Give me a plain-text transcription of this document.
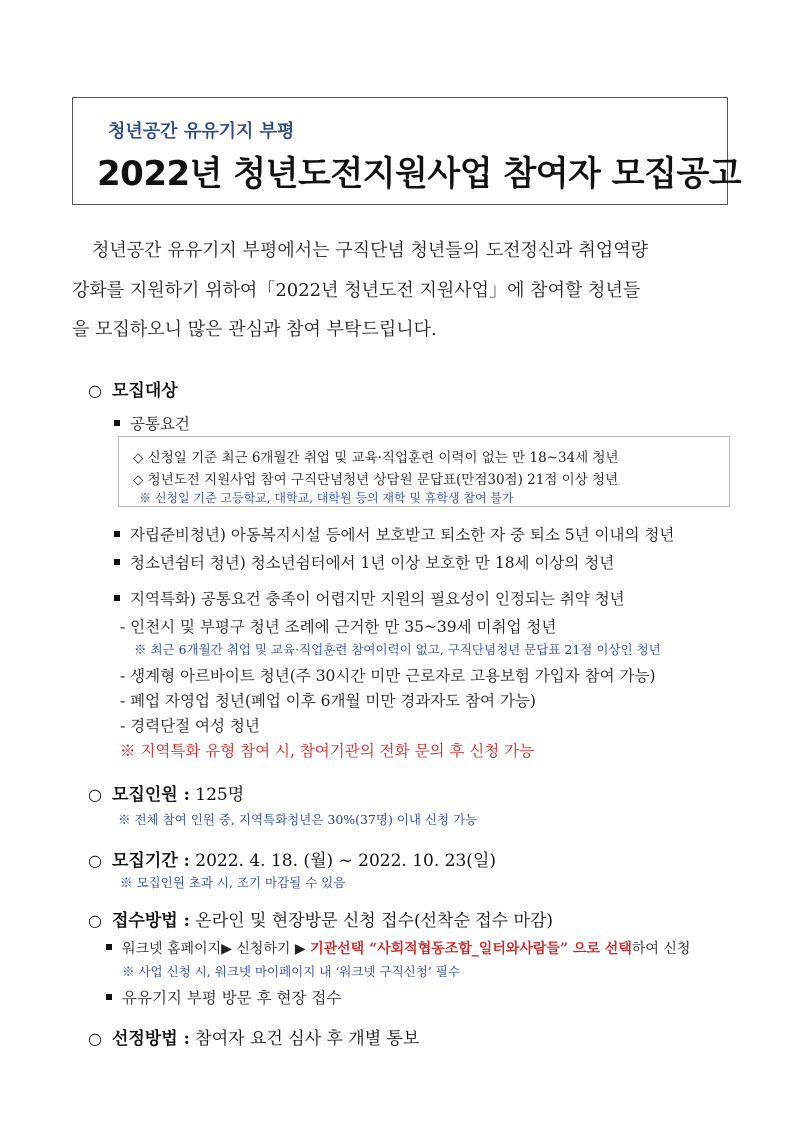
청년공간 유유기지 부평
2022년 청년도전지원사업 참여자 모집공고
청년공간 유유기지 부평에서는 구직단념 청년들의 도전정신과 취업역량
강화를 지원하기 위하여「2022년 청년도전 지원사업」에 참여할 청년들
을 모집하오니 많은 관심과 참여 부탁드립니다.
○ 모집대상
공통요건
◇ 신청일 기준 최근 6개월간 취업 및 교육·직업훈련 이력이 없는 만 18~34세 청년
◇ 청년도전 지원사업 참여 구직단념청년 상담원 문답표(만점30점) 21점 이상 청년
※ 신청일 기준 고등학교, 대학교, 대학원 등의 재학 및 휴학생 참여 불가
자립준비청년) 아동복지시설 등에서 보호받고 퇴소한 자 중 퇴소 5년 이내의 청년
청소년쉼터 청년) 청소년쉼터에서 1년 이상 보호한 만 18세 이상의 청년
지역특화) 공통요건 충족이 어렵지만 지원의 필요성이 인정되는 취약 청년
- 인천시 및 부평구 청년 조례에 근거한 만 35~39세 미취업 청년
※ 최근 6개월간 취업 및 교육·직업훈련 참여이력이 없고, 구직단념청년 문답표 21점 이상인 청년
- 생계형 아르바이트 청년(주 30시간 미만 근로자로 고용보험 가입자 참여 가능)
- 폐업 자영업 청년(폐업 이후 6개월 미만 경과자도 참여 가능)
- 경력단절 여성 청년
※ 지역특화 유형 참여 시, 참여기관의 전화 문의 후 신청 가능
○ 모집인원 : 125명
※ 전체 참여 인원 중, 지역특화청년은 30%(37명) 이내 신청 가능
○ 모집기간 : 2022. 4. 18. (월) ~ 2022. 10. 23(일)
※ 모집인원 초과 시, 조기 마감될 수 있음
○ 접수방법 : 온라인 및 현장방문 신청 접수(선착순 접수 마감)
워크넷 홈페이지▶ 신청하기 ▶ 기관선택 “사회적협동조합_일터와사람들” 으로 선택하여 신청
※ 사업 신청 시, 워크넷 마이페이지 내 ‘워크넷 구직신청’ 필수
유유기지 부평 방문 후 현장 접수
○ 선정방법 : 참여자 요건 심사 후 개별 통보
